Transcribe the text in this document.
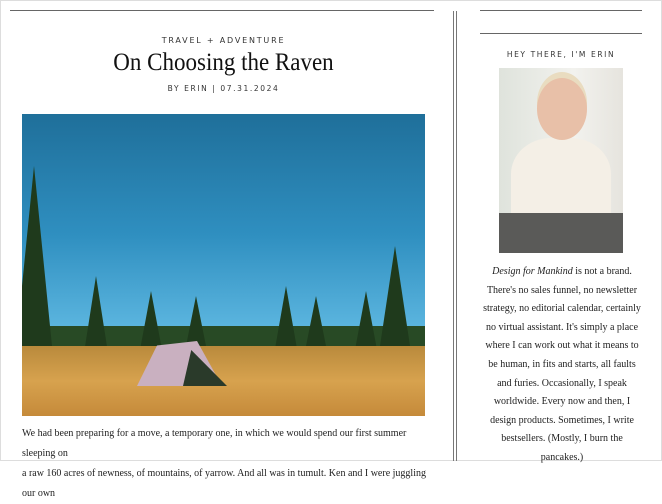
TRAVEL + ADVENTURE
On Choosing the Raven
BY ERIN | 07.31.2024
We had been preparing for a move, a temporary one, in which we would spend our first summer sleeping on
a raw 160 acres of newness, of mountains, of yarrow. And all was in tumult. Ken and I were juggling our own
HEY THERE, I'M ERIN
Design for Mankind is not a brand. There's no sales funnel, no newsletter strategy, no editorial calendar, certainly no virtual assistant. It's simply a place where I can work out what it means to be human, in fits and starts, all faults and furies. Occasionally, I speak worldwide. Every now and then, I design products. Sometimes, I write bestsellers. (Mostly, I burn the pancakes.)
